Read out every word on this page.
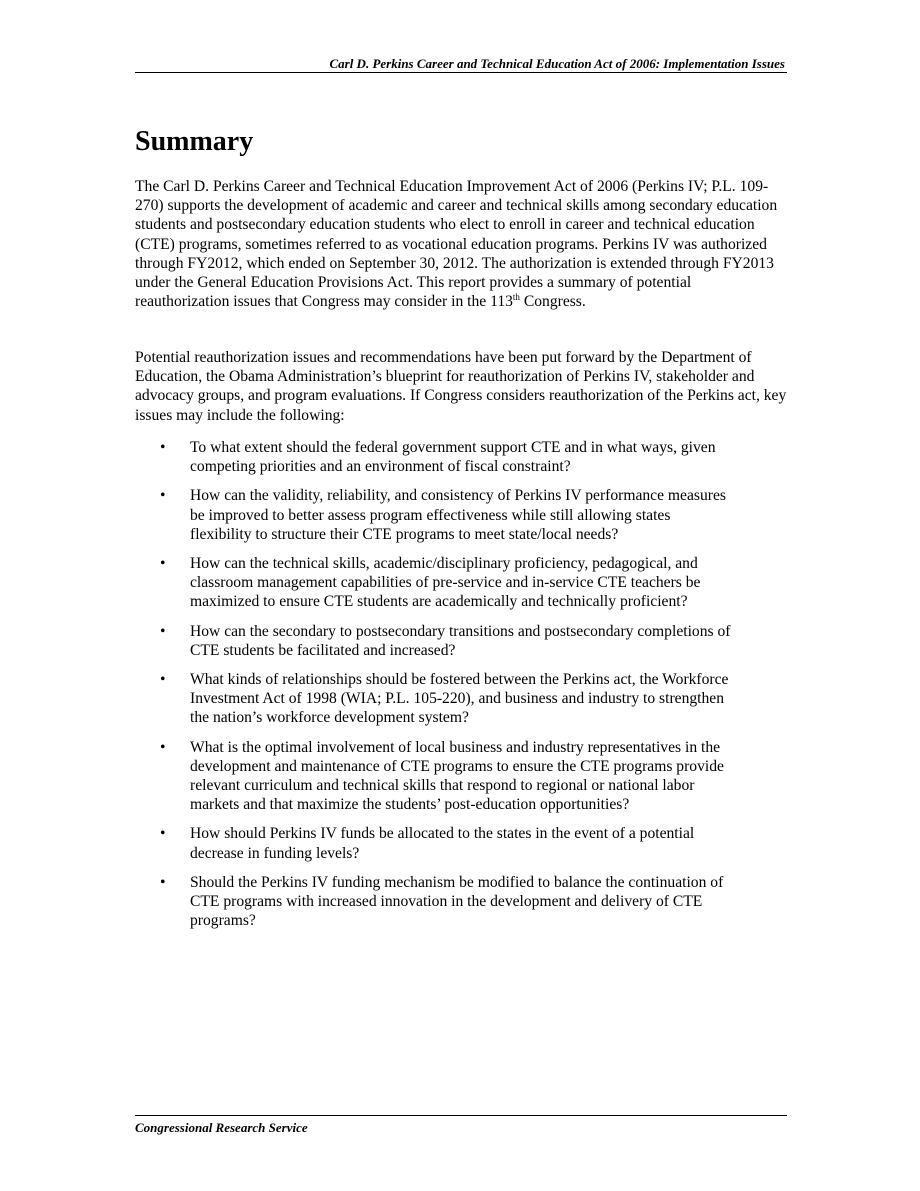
Carl D. Perkins Career and Technical Education Act of 2006: Implementation Issues
Summary

The Carl D. Perkins Career and Technical Education Improvement Act of 2006 (Perkins IV; P.L. 109-270) supports the development of academic and career and technical skills among secondary education students and postsecondary education students who elect to enroll in career and technical education (CTE) programs, sometimes referred to as vocational education programs. Perkins IV was authorized through FY2012, which ended on September 30, 2012. The authorization is extended through FY2013 under the General Education Provisions Act. This report provides a summary of potential reauthorization issues that Congress may consider in the 113th Congress.

Potential reauthorization issues and recommendations have been put forward by the Department of Education, the Obama Administration’s blueprint for reauthorization of Perkins IV, stakeholder and advocacy groups, and program evaluations. If Congress considers reauthorization of the Perkins act, key issues may include the following:

• To what extent should the federal government support CTE and in what ways, given competing priorities and an environment of fiscal constraint?
• How can the validity, reliability, and consistency of Perkins IV performance measures be improved to better assess program effectiveness while still allowing states flexibility to structure their CTE programs to meet state/local needs?
• How can the technical skills, academic/disciplinary proficiency, pedagogical, and classroom management capabilities of pre-service and in-service CTE teachers be maximized to ensure CTE students are academically and technically proficient?
• How can the secondary to postsecondary transitions and postsecondary completions of CTE students be facilitated and increased?
• What kinds of relationships should be fostered between the Perkins act, the Workforce Investment Act of 1998 (WIA; P.L. 105-220), and business and industry to strengthen the nation’s workforce development system?
• What is the optimal involvement of local business and industry representatives in the development and maintenance of CTE programs to ensure the CTE programs provide relevant curriculum and technical skills that respond to regional or national labor markets and that maximize the students’ post-education opportunities?
• How should Perkins IV funds be allocated to the states in the event of a potential decrease in funding levels?
• Should the Perkins IV funding mechanism be modified to balance the continuation of CTE programs with increased innovation in the development and delivery of CTE programs?
Congressional Research Service
